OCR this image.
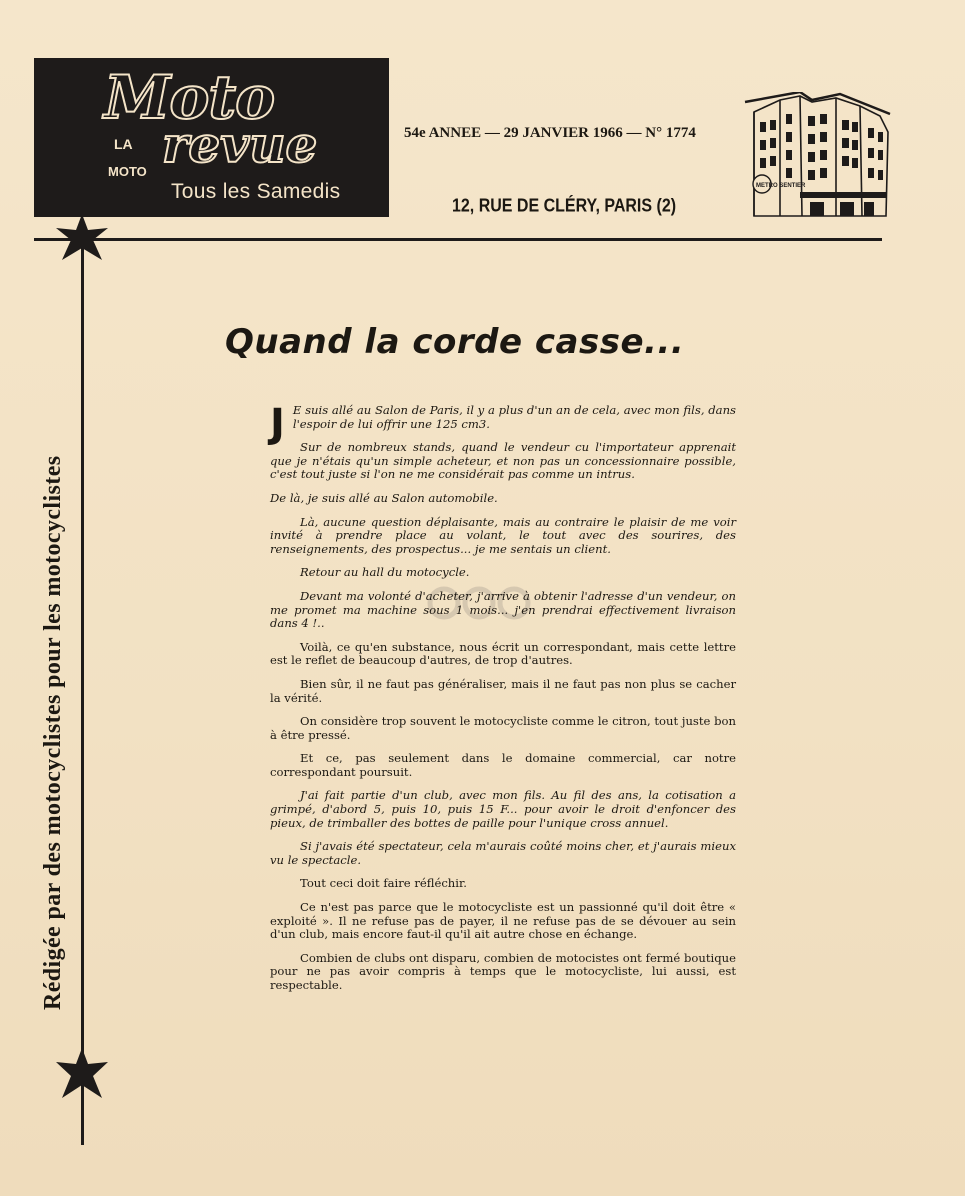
Moto
LA revue
MOTO
Tous les Samedis
54e ANNEE — 29 JANVIER 1966 — N° 1774
12, RUE DE CLÉRY, PARIS (2)
METRO SENTIER
Rédigée par des motocyclistes pour les motocyclistes
Quand la corde casse...

J E suis allé au Salon de Paris, il y a plus d'un an de cela, avec mon fils, dans l'espoir de lui offrir une 125 cm3.

Sur de nombreux stands, quand le vendeur cu l'importateur apprenait que je n'étais qu'un simple acheteur, et non pas un concessionnaire possible, c'est tout juste si l'on ne me considérait pas comme un intrus.

De là, je suis allé au Salon automobile.

Là, aucune question déplaisante, mais au contraire le plaisir de me voir invité à prendre place au volant, le tout avec des sourires, des renseignements, des prospectus... je me sentais un client.

Retour au hall du motocycle.

Devant ma volonté d'acheter, j'arrive à obtenir l'adresse d'un vendeur, on me promet ma machine sous 1 mois... j'en prendrai effectivement livraison dans 4 !..

Voilà, ce qu'en substance, nous écrit un correspondant, mais cette lettre est le reflet de beaucoup d'autres, de trop d'autres.

Bien sûr, il ne faut pas généraliser, mais il ne faut pas non plus se cacher la vérité.

On considère trop souvent le motocycliste comme le citron, tout juste bon à être pressé.

Et ce, pas seulement dans le domaine commercial, car notre correspondant poursuit.

J'ai fait partie d'un club, avec mon fils. Au fil des ans, la cotisation a grimpé, d'abord 5, puis 10, puis 15 F... pour avoir le droit d'enfoncer des pieux, de trimballer des bottes de paille pour l'unique cross annuel.

Si j'avais été spectateur, cela m'aurais coûté moins cher, et j'aurais mieux vu le spectacle.

Tout ceci doit faire réfléchir.

Ce n'est pas parce que le motocycliste est un passionné qu'il doit être « exploité ». Il ne refuse pas de payer, il ne refuse pas de se dévouer au sein d'un club, mais encore faut-il qu'il ait autre chose en échange.

Combien de clubs ont disparu, combien de motocistes ont fermé boutique pour ne pas avoir compris à temps que le motocycliste, lui aussi, est respectable.
